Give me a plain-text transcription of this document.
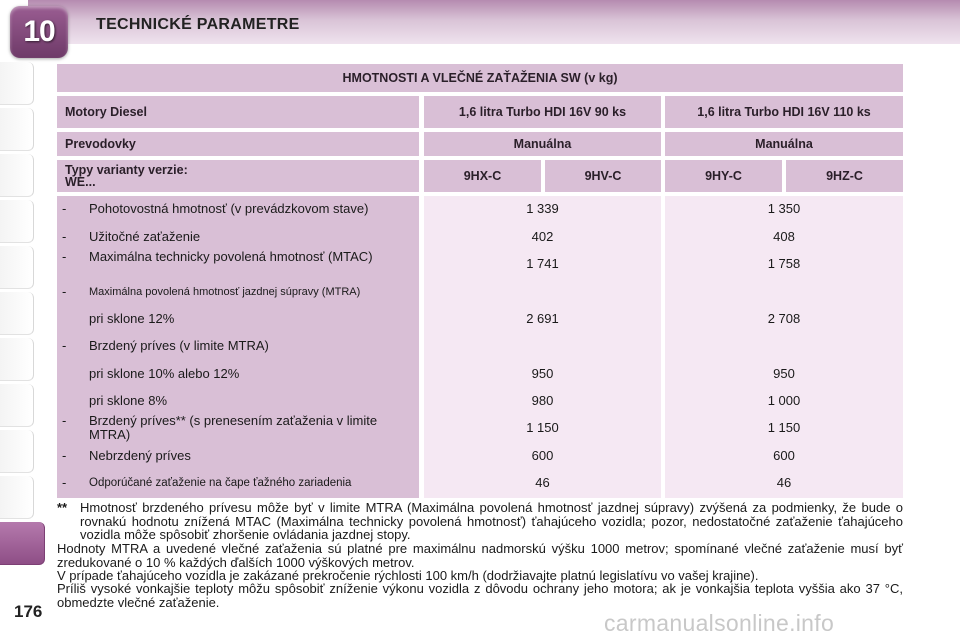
10	TECHNICKÉ PARAMETRE
HMOTNOSTI A VLEČNÉ ZAŤAŽENIA SW (v kg)
Motory Diesel	1,6 litra Turbo HDI 16V 90 ks	1,6 litra Turbo HDI 16V 110 ks
Prevodovky	Manuálna	Manuálna
Typy varianty verzie:
WE...	9HX-C	9HV-C	9HY-C	9HZ-C
- Pohotovostná hmotnosť (v prevádzkovom stave)	1 339	1 350
- Užitočné zaťaženie	402	408
- Maximálna technicky povolená hmotnosť (MTAC)	1 741	1 758
- Maximálna povolená hmotnosť jazdnej súpravy (MTRA)
pri sklone 12%	2 691	2 708
- Brzdený príves (v limite MTRA)
pri sklone 10% alebo 12%	950	950
pri sklone 8%	980	1 000
- Brzdený príves** (s prenesením zaťaženia v limite MTRA)	1 150	1 150
- Nebrzdený príves	600	600
- Odporúčané zaťaženie na čape ťažného zariadenia	46	46
** Hmotnosť brzdeného prívesu môže byť v limite MTRA (Maximálna povolená hmotnosť jazdnej súpravy) zvýšená za podmienky, že bude o rovnakú hodnotu znížená MTAC (Maximálna technicky povolená hmotnosť) ťahajúceho vozidla; pozor, nedostatočné zaťaženie ťahajúceho vozidla môže spôsobiť zhoršenie ovládania jazdnej stopy.
Hodnoty MTRA a uvedené vlečné zaťaženia sú platné pre maximálnu nadmorskú výšku 1000 metrov; spomínané vlečné zaťaženie musí byť zredukované o 10 % každých ďalších 1000 výškových metrov.
V prípade ťahajúceho vozidla je zakázané prekročenie rýchlosti 100 km/h (dodržiavajte platnú legislatívu vo vašej krajine).
Príliš vysoké vonkajšie teploty môžu spôsobiť zníženie výkonu vozidla z dôvodu ochrany jeho motora; ak je vonkajšia teplota vyššia ako 37 °C, obmedzte vlečné zaťaženie.
176	carmanualsonline.info
